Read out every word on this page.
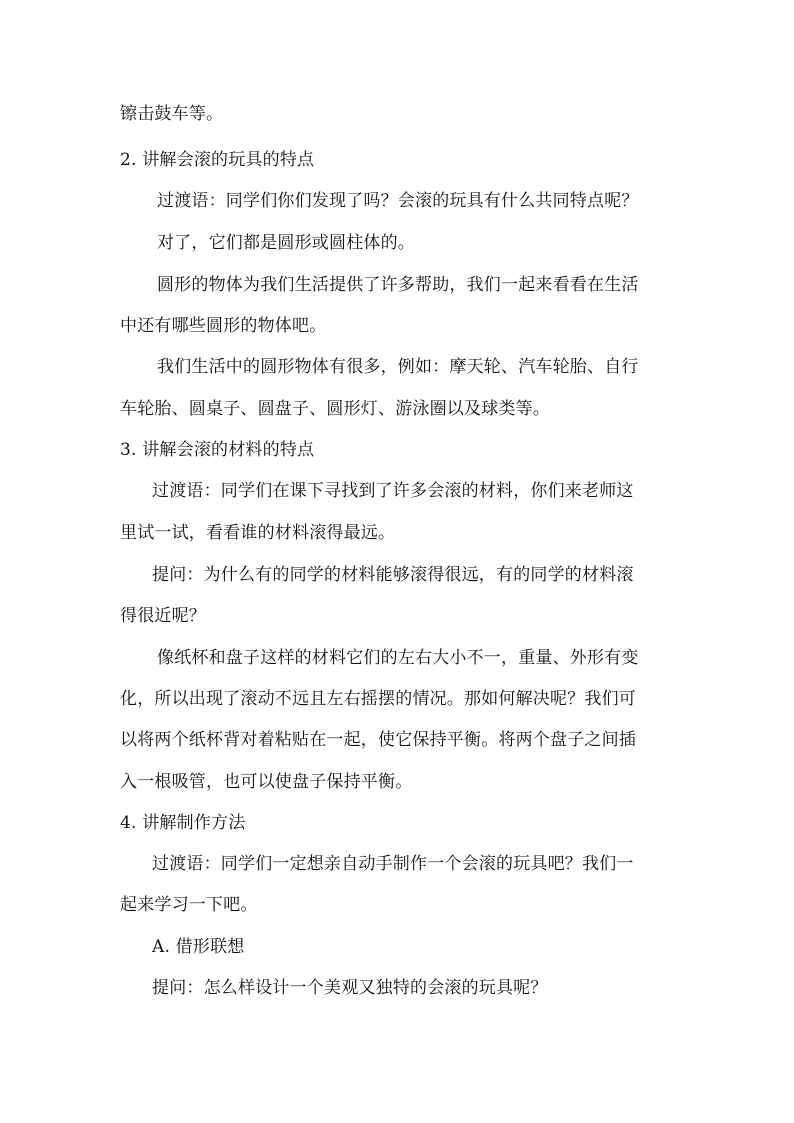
镲击鼓车等。
2. 讲解会滚的玩具的特点
过渡语：同学们你们发现了吗？会滚的玩具有什么共同特点呢？
对了，它们都是圆形或圆柱体的。
圆形的物体为我们生活提供了许多帮助，我们一起来看看在生活
中还有哪些圆形的物体吧。
我们生活中的圆形物体有很多，例如：摩天轮、汽车轮胎、自行
车轮胎、圆桌子、圆盘子、圆形灯、游泳圈以及球类等。
3. 讲解会滚的材料的特点
过渡语：同学们在课下寻找到了许多会滚的材料，你们来老师这
里试一试，看看谁的材料滚得最远。
提问：为什么有的同学的材料能够滚得很远，有的同学的材料滚
得很近呢？
像纸杯和盘子这样的材料它们的左右大小不一，重量、外形有变
化，所以出现了滚动不远且左右摇摆的情况。那如何解决呢？我们可
以将两个纸杯背对着粘贴在一起，使它保持平衡。将两个盘子之间插
入一根吸管，也可以使盘子保持平衡。
4. 讲解制作方法
过渡语：同学们一定想亲自动手制作一个会滚的玩具吧？我们一
起来学习一下吧。
A. 借形联想
提问：怎么样设计一个美观又独特的会滚的玩具呢？
